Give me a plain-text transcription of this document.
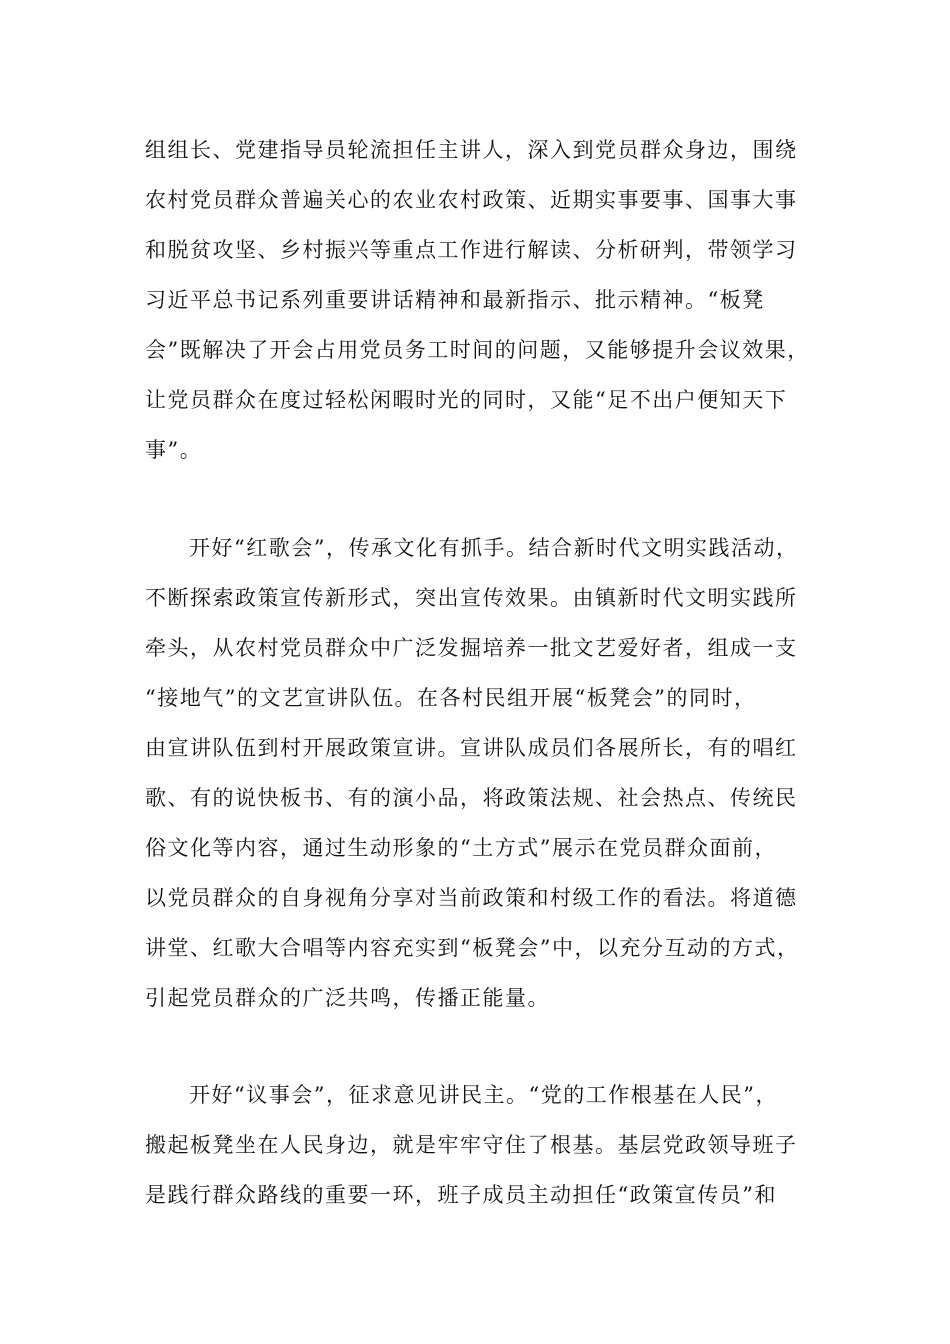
组组长、党建指导员轮流担任主讲人，深入到党员群众身边，围绕
农村党员群众普遍关心的农业农村政策、近期实事要事、国事大事
和脱贫攻坚、乡村振兴等重点工作进行解读、分析研判，带领学习
习近平总书记系列重要讲话精神和最新指示、批示精神。“板凳
会”既解决了开会占用党员务工时间的问题，又能够提升会议效果，
让党员群众在度过轻松闲暇时光的同时，又能“足不出户便知天下
事”。
开好“红歌会”，传承文化有抓手。结合新时代文明实践活动，
不断探索政策宣传新形式，突出宣传效果。由镇新时代文明实践所
牵头，从农村党员群众中广泛发掘培养一批文艺爱好者，组成一支
“接地气”的文艺宣讲队伍。在各村民组开展“板凳会”的同时，
由宣讲队伍到村开展政策宣讲。宣讲队成员们各展所长，有的唱红
歌、有的说快板书、有的演小品，将政策法规、社会热点、传统民
俗文化等内容，通过生动形象的“土方式”展示在党员群众面前，
以党员群众的自身视角分享对当前政策和村级工作的看法。将道德
讲堂、红歌大合唱等内容充实到“板凳会”中，以充分互动的方式，
引起党员群众的广泛共鸣，传播正能量。
开好“议事会”，征求意见讲民主。“党的工作根基在人民”，
搬起板凳坐在人民身边，就是牢牢守住了根基。基层党政领导班子
是践行群众路线的重要一环，班子成员主动担任“政策宣传员”和
